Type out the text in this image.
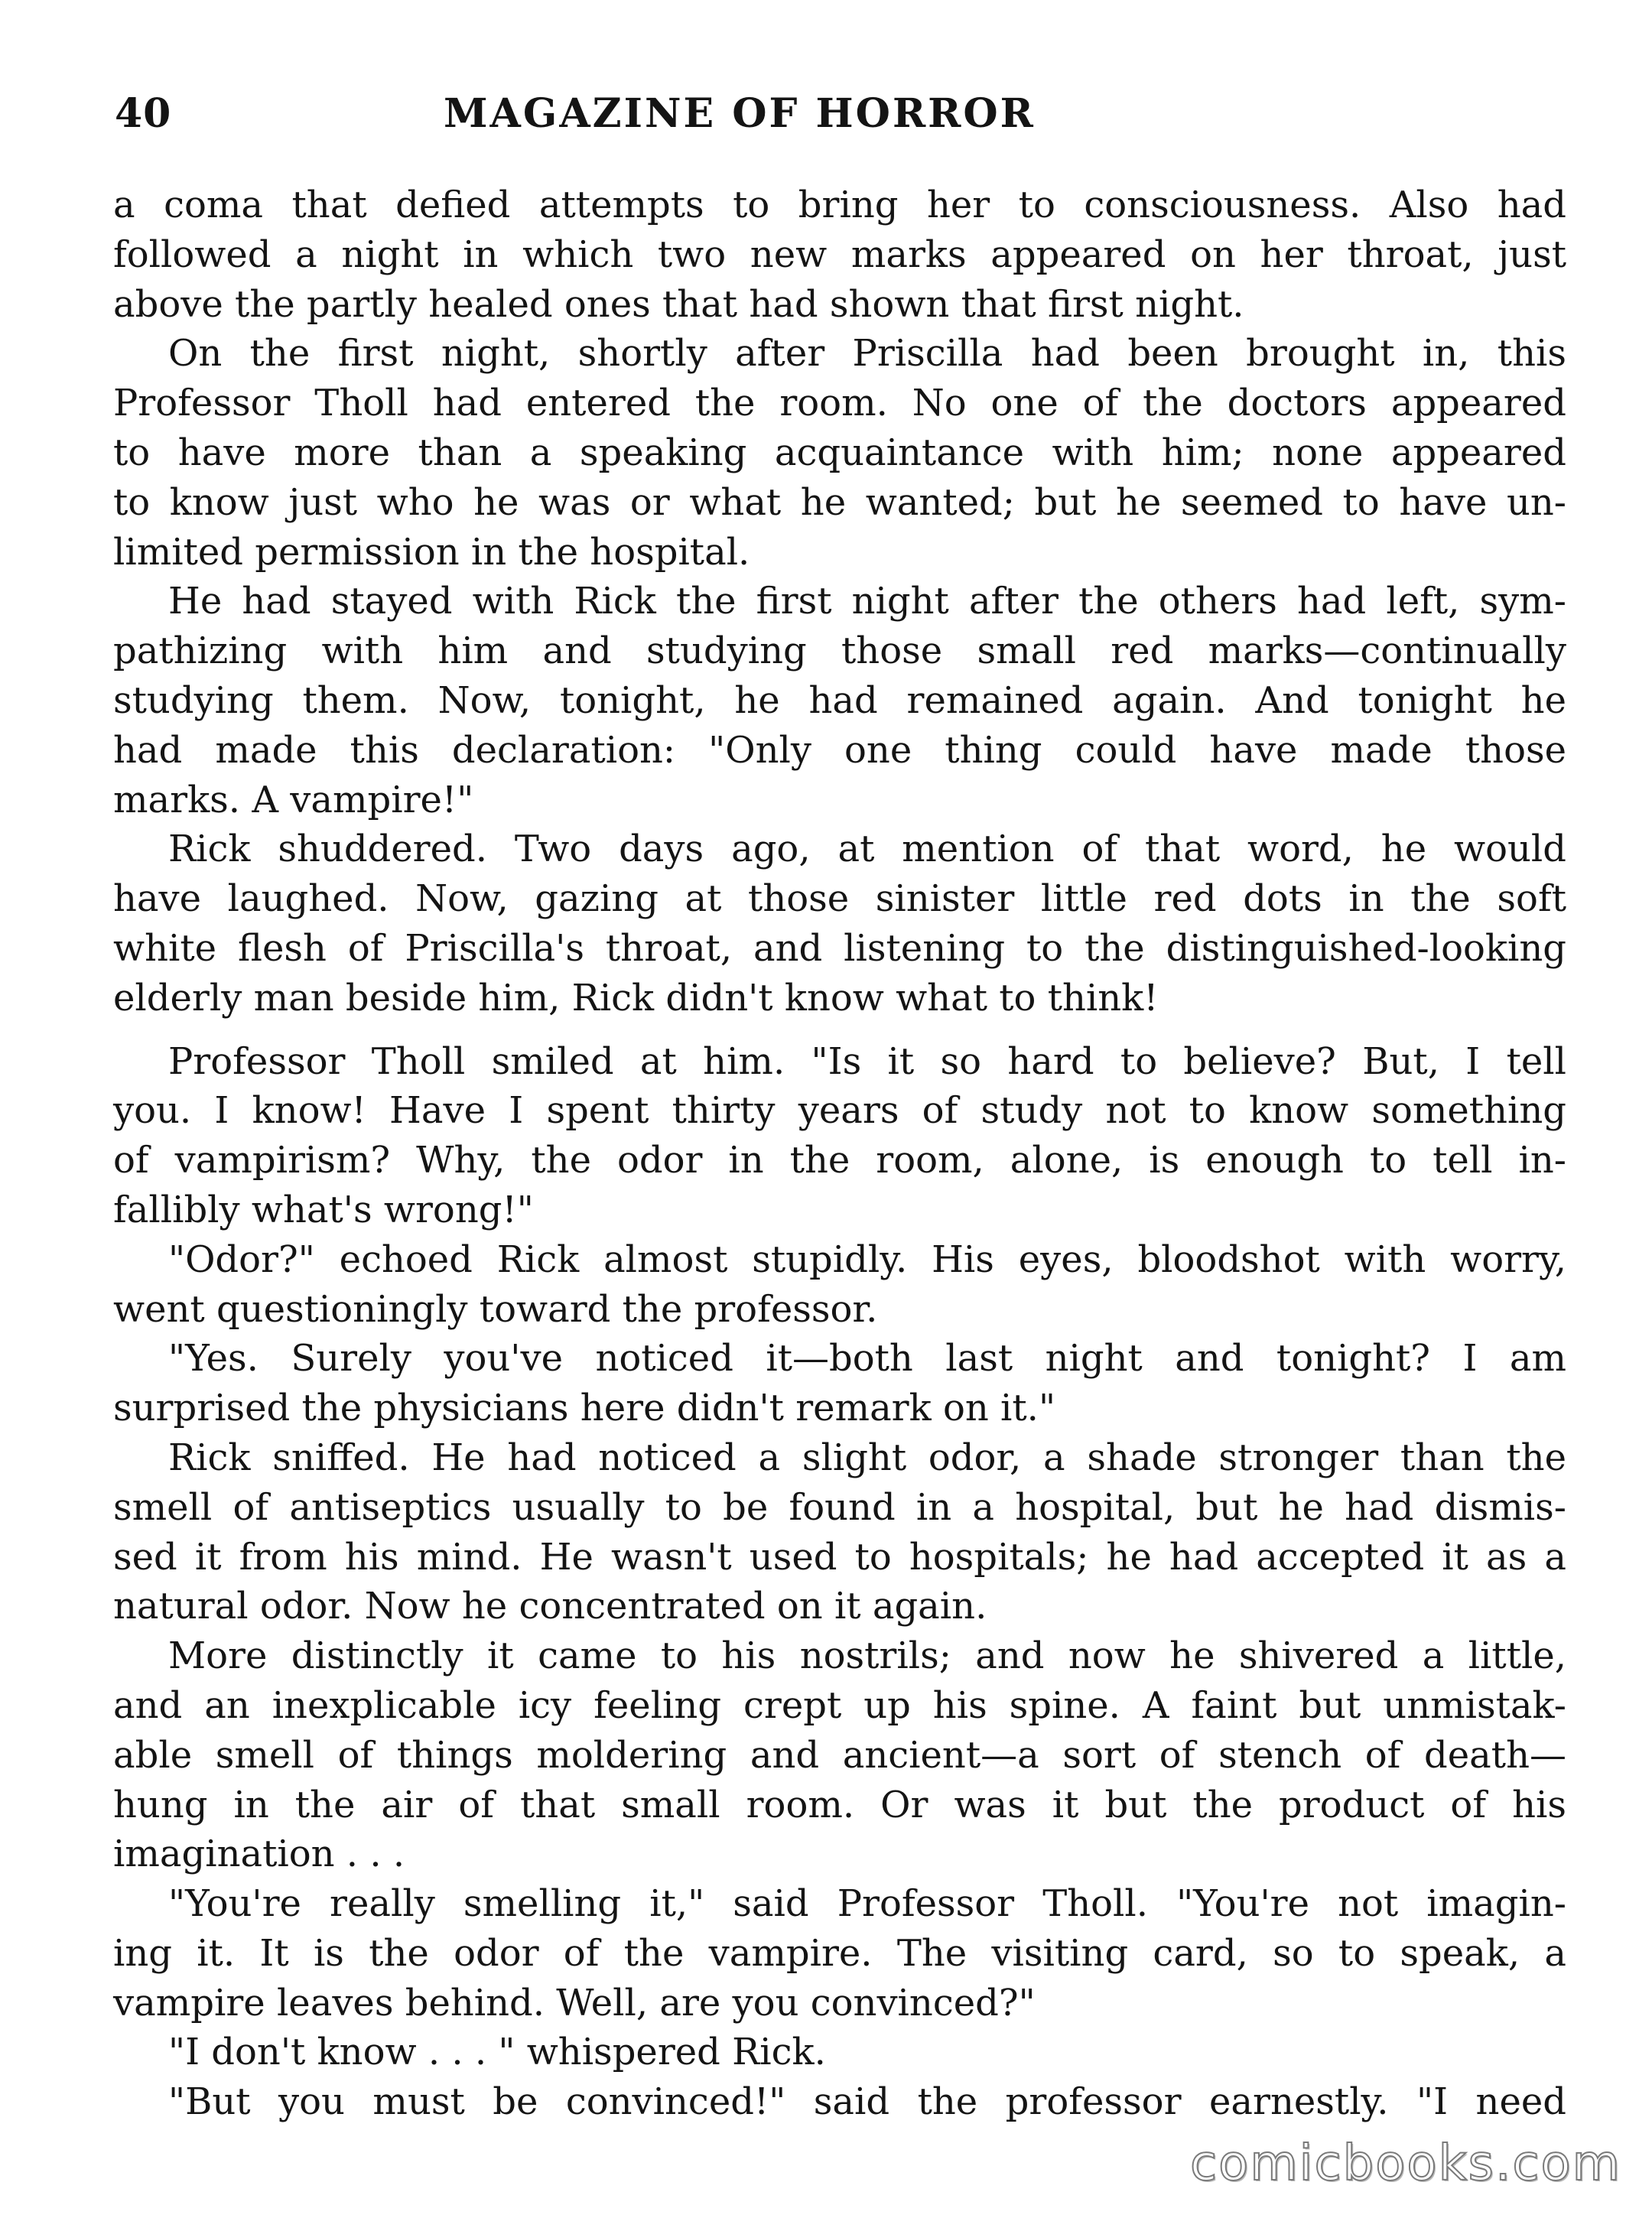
40	MAGAZINE OF HORROR
a coma that defied attempts to bring her to consciousness. Also had
followed a night in which two new marks appeared on her throat, just
above the partly healed ones that had shown that first night.
On the first night, shortly after Priscilla had been brought in, this
Professor Tholl had entered the room. No one of the doctors appeared
to have more than a speaking acquaintance with him; none appeared
to know just who he was or what he wanted; but he seemed to have un-
limited permission in the hospital.
He had stayed with Rick the first night after the others had left, sym-
pathizing with him and studying those small red marks—continually
studying them. Now, tonight, he had remained again. And tonight he
had made this declaration: "Only one thing could have made those
marks. A vampire!"
Rick shuddered. Two days ago, at mention of that word, he would
have laughed. Now, gazing at those sinister little red dots in the soft
white flesh of Priscilla's throat, and listening to the distinguished-looking
elderly man beside him, Rick didn't know what to think!
Professor Tholl smiled at him. "Is it so hard to believe? But, I tell
you. I know! Have I spent thirty years of study not to know something
of vampirism? Why, the odor in the room, alone, is enough to tell in-
fallibly what's wrong!"
"Odor?" echoed Rick almost stupidly. His eyes, bloodshot with worry,
went questioningly toward the professor.
"Yes. Surely you've noticed it—both last night and tonight? I am
surprised the physicians here didn't remark on it."
Rick sniffed. He had noticed a slight odor, a shade stronger than the
smell of antiseptics usually to be found in a hospital, but he had dismis-
sed it from his mind. He wasn't used to hospitals; he had accepted it as a
natural odor. Now he concentrated on it again.
More distinctly it came to his nostrils; and now he shivered a little,
and an inexplicable icy feeling crept up his spine. A faint but unmistak-
able smell of things moldering and ancient—a sort of stench of death—
hung in the air of that small room. Or was it but the product of his
imagination . . .
"You're really smelling it," said Professor Tholl. "You're not imagin-
ing it. It is the odor of the vampire. The visiting card, so to speak, a
vampire leaves behind. Well, are you convinced?"
"I don't know . . . " whispered Rick.
"But you must be convinced!" said the professor earnestly. "I need
comicbooks.com
